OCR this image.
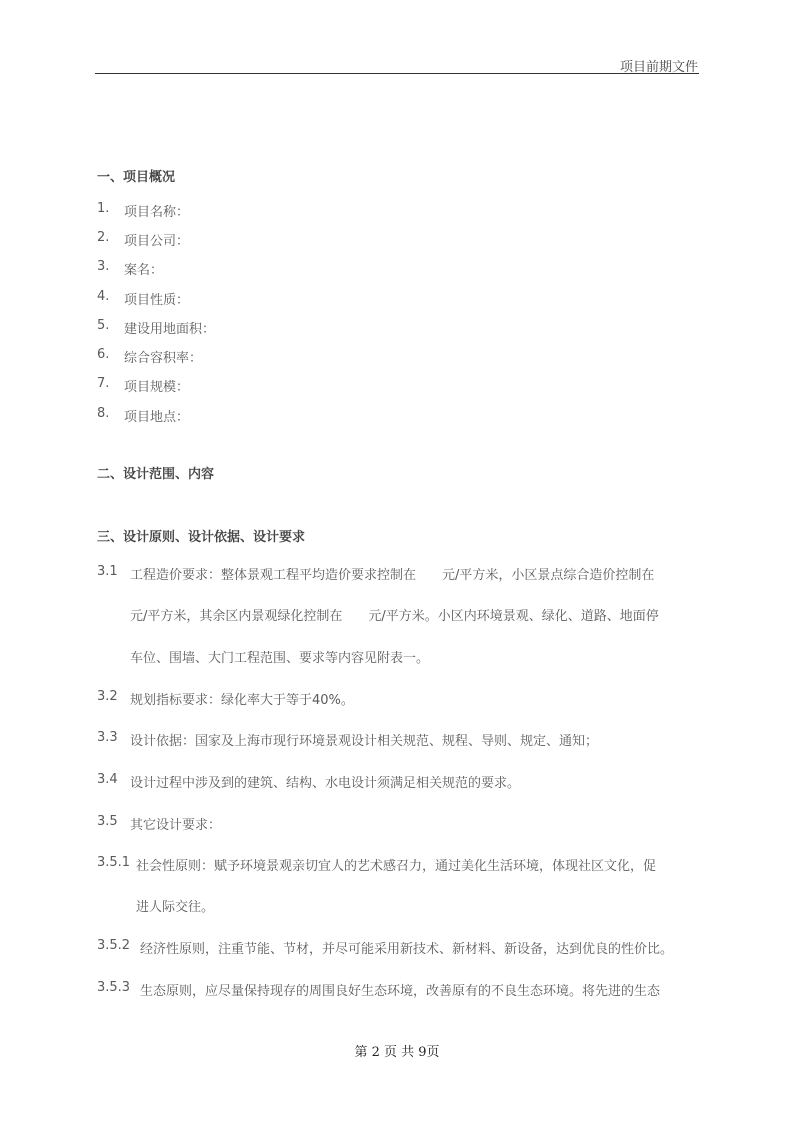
项目前期文件
一、项目概况
1. 项目名称：
2. 项目公司：
3. 案名：
4. 项目性质：
5. 建设用地面积：
6. 综合容积率：
7. 项目规模：
8. 项目地点：
二、设计范围、内容
三、设计原则、设计依据、设计要求
3.1 工程造价要求：整体景观工程平均造价要求控制在　　元/平方米，小区景点综合造价控制在
元/平方米，其余区内景观绿化控制在　　元/平方米。小区内环境景观、绿化、道路、地面停
车位、围墙、大门工程范围、要求等内容见附表一。
3.2 规划指标要求：绿化率大于等于40%。
3.3 设计依据：国家及上海市现行环境景观设计相关规范、规程、导则、规定、通知；
3.4 设计过程中涉及到的建筑、结构、水电设计须满足相关规范的要求。
3.5 其它设计要求：
3.5.1 社会性原则：赋予环境景观亲切宜人的艺术感召力，通过美化生活环境，体现社区文化，促
进人际交往。
3.5.2 经济性原则，注重节能、节材，并尽可能采用新技术、新材料、新设备，达到优良的性价比。
3.5.3 生态原则，应尽量保持现存的周围良好生态环境，改善原有的不良生态环境。将先进的生态
第 2 页 共 9页
